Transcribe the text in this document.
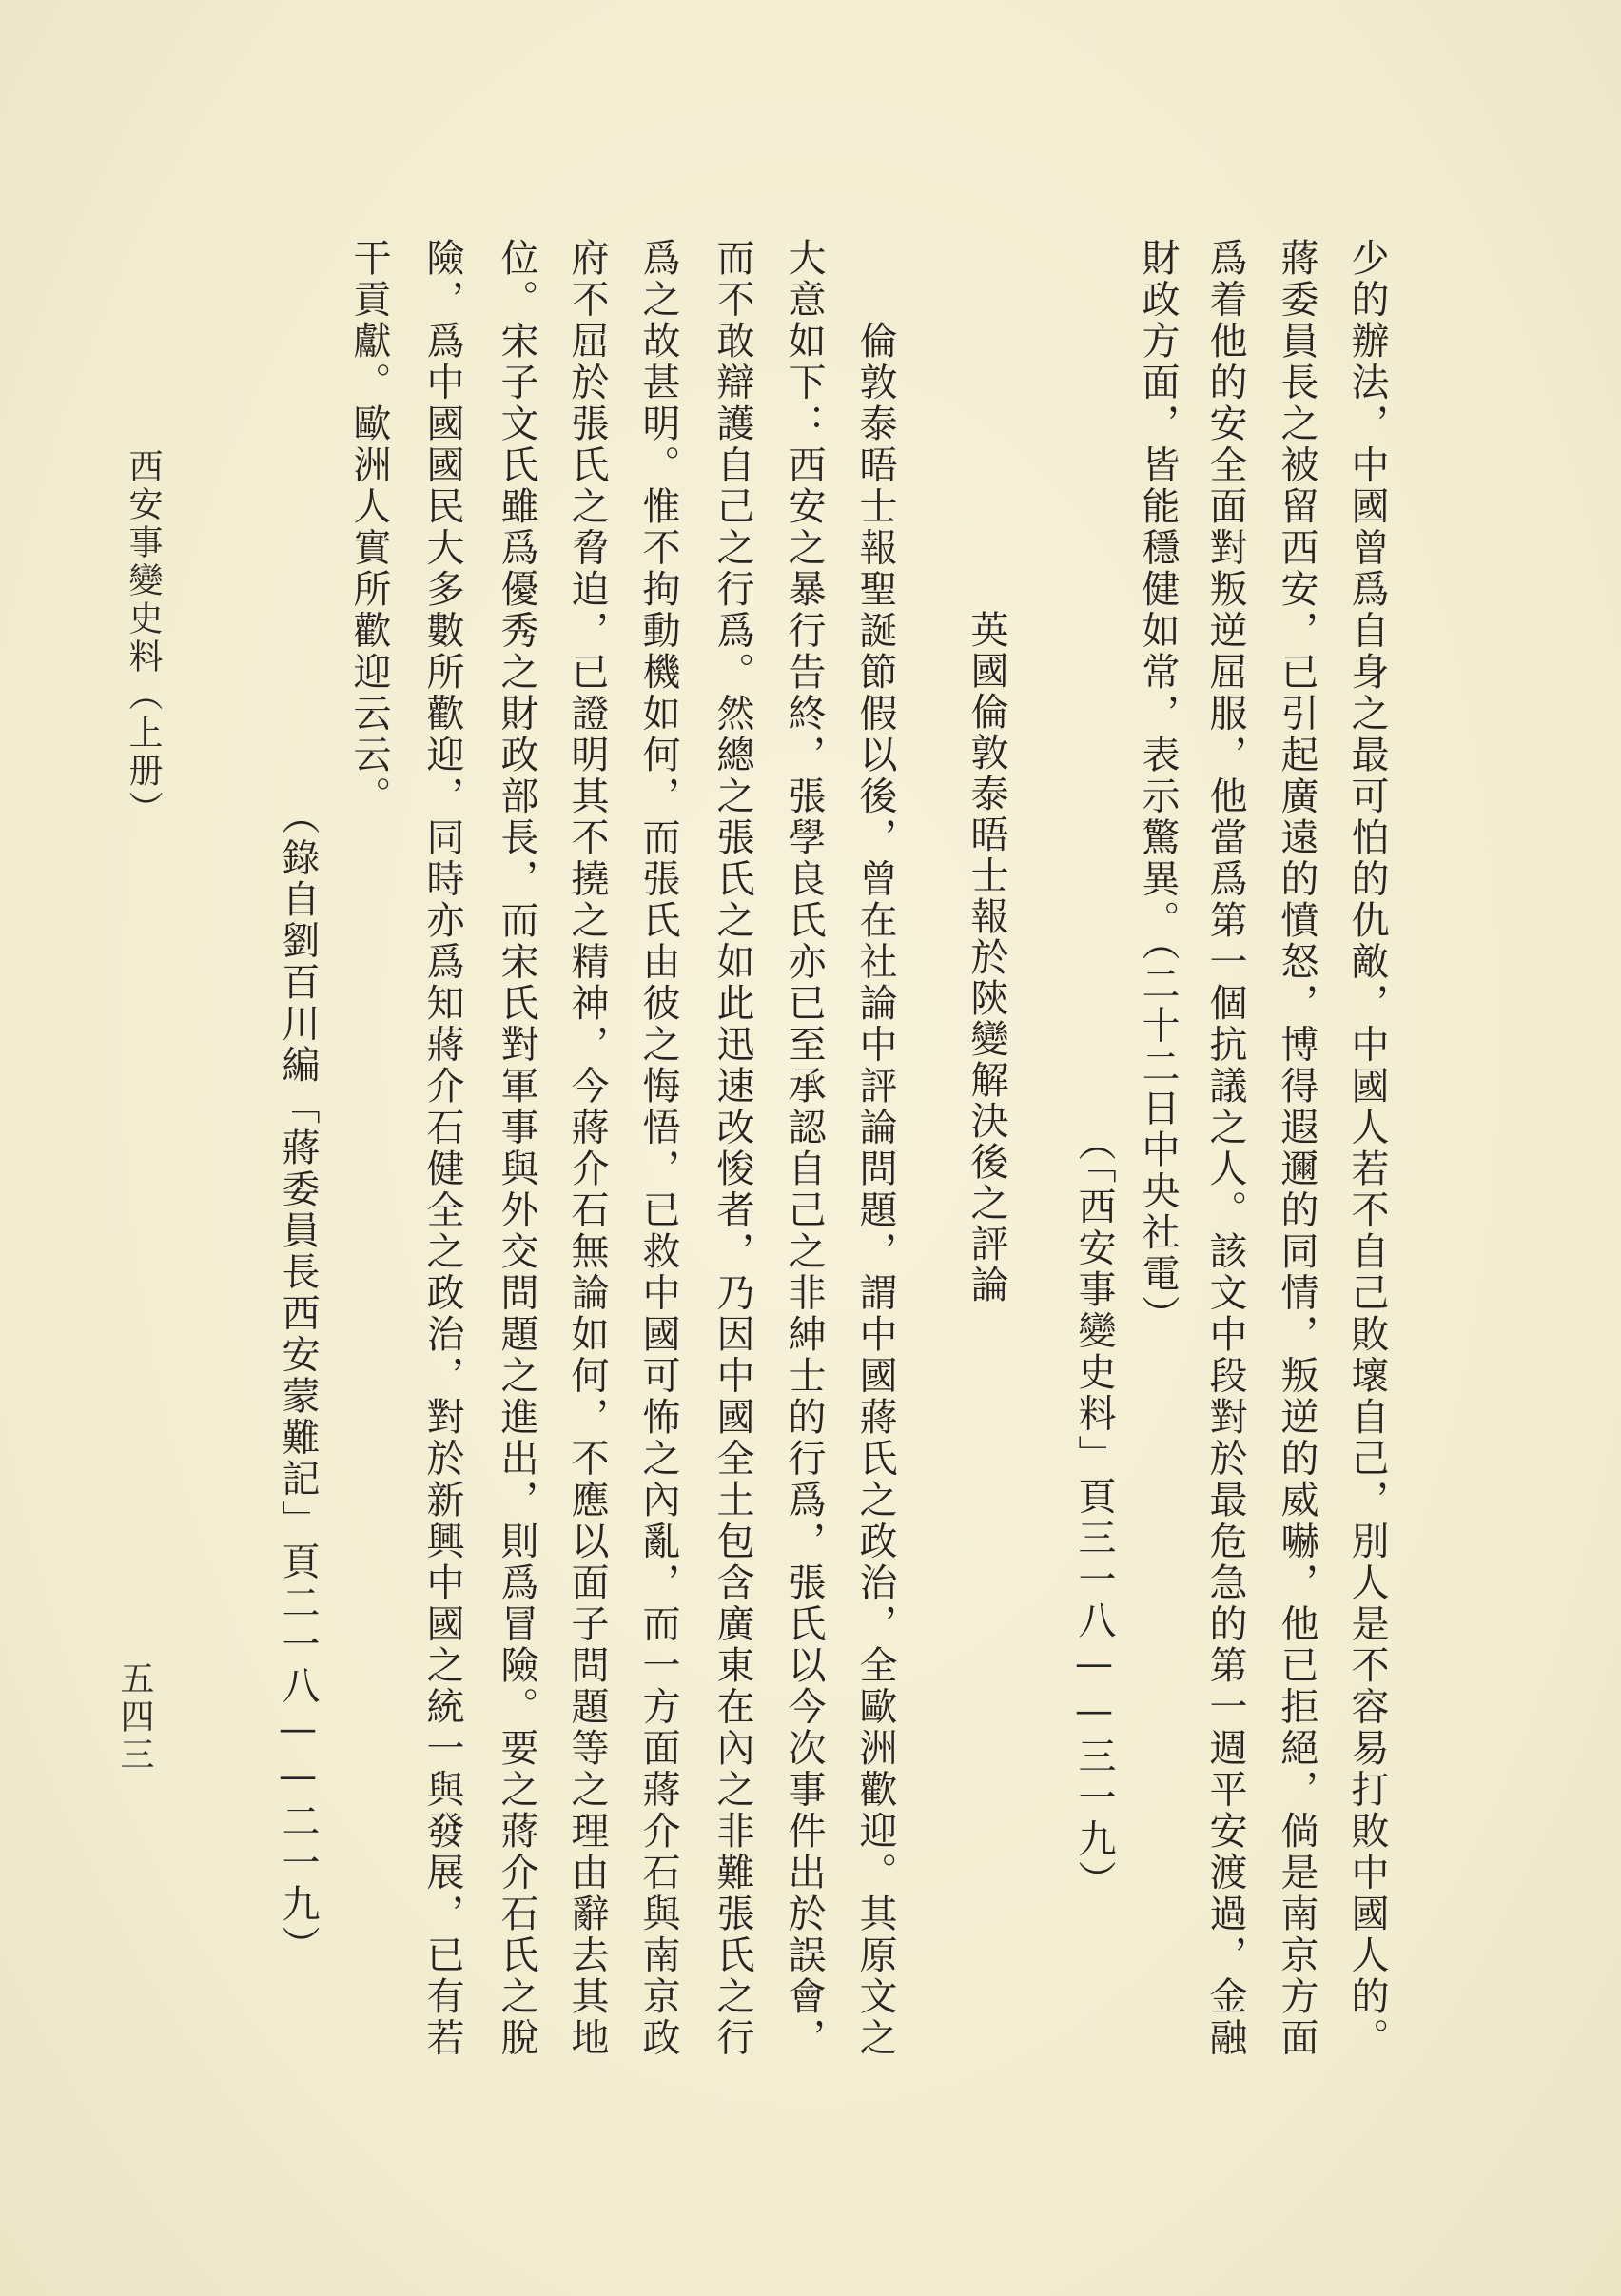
少的辦法，中國曾爲自身之最可怕的仇敵，中國人若不自己敗壞自己，別人是不容易打敗中國人的。
蔣委員長之被留西安，已引起廣遠的憤怒，博得遐邇的同情，叛逆的威嚇，他已拒絕，倘是南京方面
爲着他的安全面對叛逆屈服，他當爲第一個抗議之人。該文中段對於最危急的第一週平安渡過，金融
財政方面，皆能穩健如常，表示驚異。（二十二日中央社電）
（「西安事變史料」頁三一八——三一九）
英國倫敦泰晤士報於陝變解決後之評論
倫敦泰晤士報聖誕節假以後，曾在社論中評論問題，謂中國蔣氏之政治，全歐洲歡迎。其原文之
大意如下：西安之暴行告終，張學良氏亦已至承認自己之非紳士的行爲，張氏以今次事件出於誤會，
而不敢辯護自己之行爲。然總之張氏之如此迅速改悛者，乃因中國全土包含廣東在內之非難張氏之行
爲之故甚明。惟不拘動機如何，而張氏由彼之悔悟，已救中國可怖之內亂，而一方面蔣介石與南京政
府不屈於張氏之脅迫，已證明其不撓之精神，今蔣介石無論如何，不應以面子問題等之理由辭去其地
位。宋子文氏雖爲優秀之財政部長，而宋氏對軍事與外交問題之進出，則爲冒險。要之蔣介石氏之脫
險，爲中國國民大多數所歡迎，同時亦爲知蔣介石健全之政治，對於新興中國之統一與發展，已有若
干貢獻。歐洲人實所歡迎云云。
（錄自劉百川編「蔣委員長西安蒙難記」頁二一八——二一九）
西安事變史料（上册）
五四三
